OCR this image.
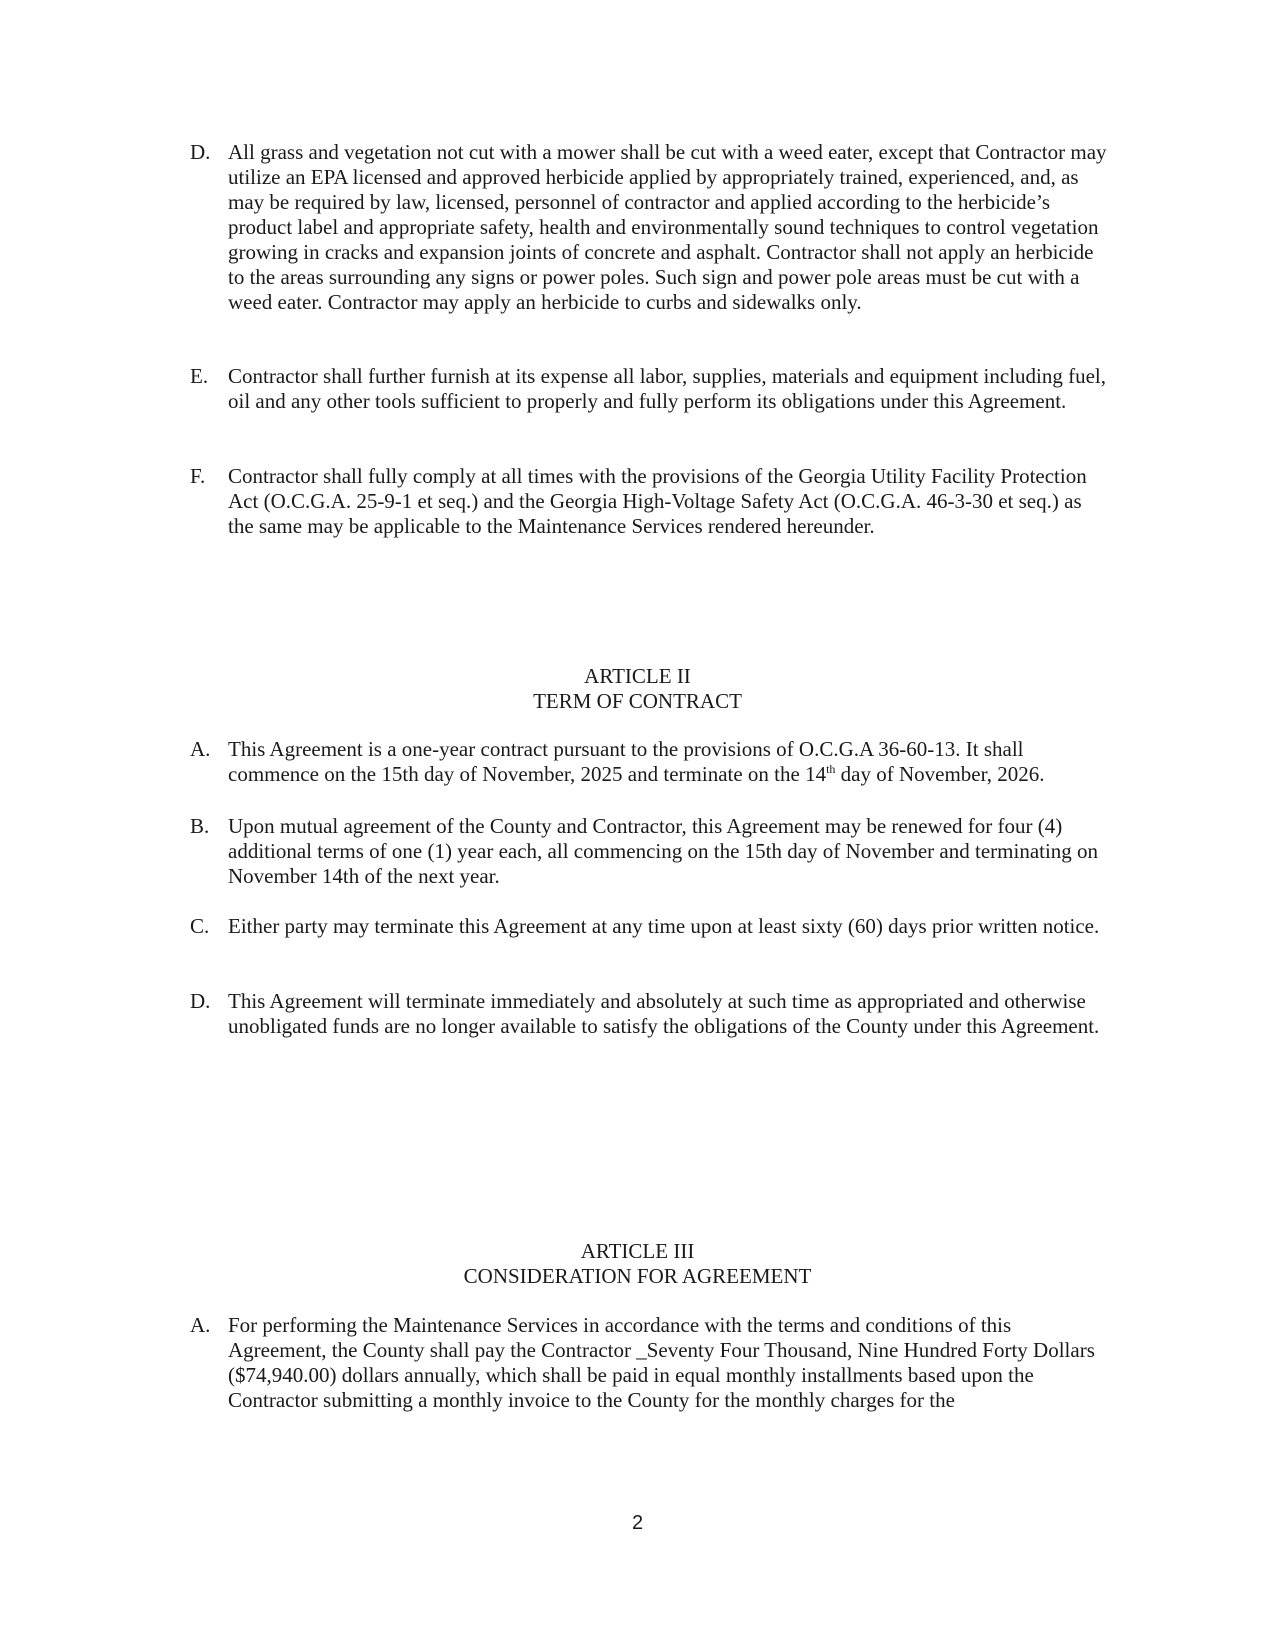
D. All grass and vegetation not cut with a mower shall be cut with a weed eater, except that Contractor may utilize an EPA licensed and approved herbicide applied by appropriately trained, experienced, and, as may be required by law, licensed, personnel of contractor and applied according to the herbicide’s product label and appropriate safety, health and environmentally sound techniques to control vegetation growing in cracks and expansion joints of concrete and asphalt. Contractor shall not apply an herbicide to the areas surrounding any signs or power poles. Such sign and power pole areas must be cut with a weed eater. Contractor may apply an herbicide to curbs and sidewalks only.
E. Contractor shall further furnish at its expense all labor, supplies, materials and equipment including fuel, oil and any other tools sufficient to properly and fully perform its obligations under this Agreement.
F.	Contractor shall fully comply at all times with the provisions of the Georgia Utility Facility Protection Act (O.C.G.A. 25-9-1 et seq.) and the Georgia High-Voltage Safety Act (O.C.G.A. 46-3-30 et seq.) as the same may be applicable to the Maintenance Services rendered hereunder.
ARTICLE II
TERM OF CONTRACT
A. This Agreement is a one-year contract pursuant to the provisions of O.C.G.A 36-60-13. It shall commence on the 15th day of November, 2025 and terminate on the 14th day of November, 2026.
B. Upon mutual agreement of the County and Contractor, this Agreement may be renewed for four (4) additional terms of one (1) year each, all commencing on the 15th day of November and terminating on November 14th of the next year.
C. Either party may terminate this Agreement at any time upon at least sixty (60) days prior written notice.
D. This Agreement will terminate immediately and absolutely at such time as appropriated and otherwise unobligated funds are no longer available to satisfy the obligations of the County under this Agreement.
ARTICLE III
CONSIDERATION FOR AGREEMENT
A. For performing the Maintenance Services in accordance with the terms and conditions of this Agreement, the County shall pay the Contractor _Seventy Four Thousand, Nine Hundred Forty Dollars ($74,940.00) dollars annually, which shall be paid in equal monthly installments based upon the Contractor submitting a monthly invoice to the County for the monthly charges for the
2
